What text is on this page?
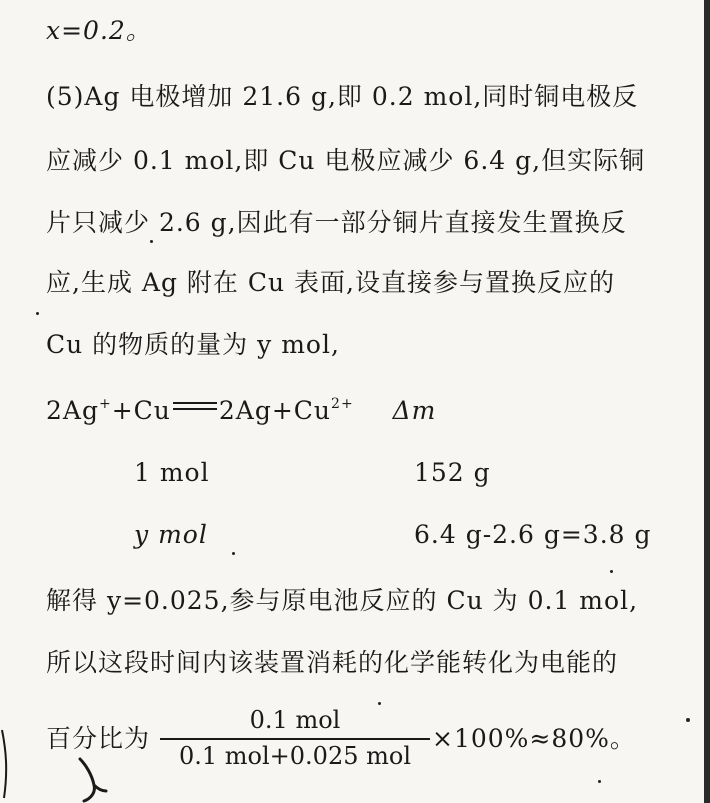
x=0.2。
(5)Ag 电极增加 21.6 g,即 0.2 mol,同时铜电极反
应减少 0.1 mol,即 Cu 电极应减少 6.4 g,但实际铜
片只减少 2.6 g,因此有一部分铜片直接发生置换反
应,生成 Ag 附在 Cu 表面,设直接参与置换反应的
Cu 的物质的量为 y mol,
2Ag++Cu $2Ag+Cu^{2+}$ Δm
1 mol	152 g
y mol	6.4 g-2.6 g=3.8 g
解得 y=0.025,参与原电池反应的 Cu 为 0.1 mol,
所以这段时间内该装置消耗的化学能转化为电能的
百分比为
0.1 mol
0.1 mol+0.025 mol
×100%≈80%。
